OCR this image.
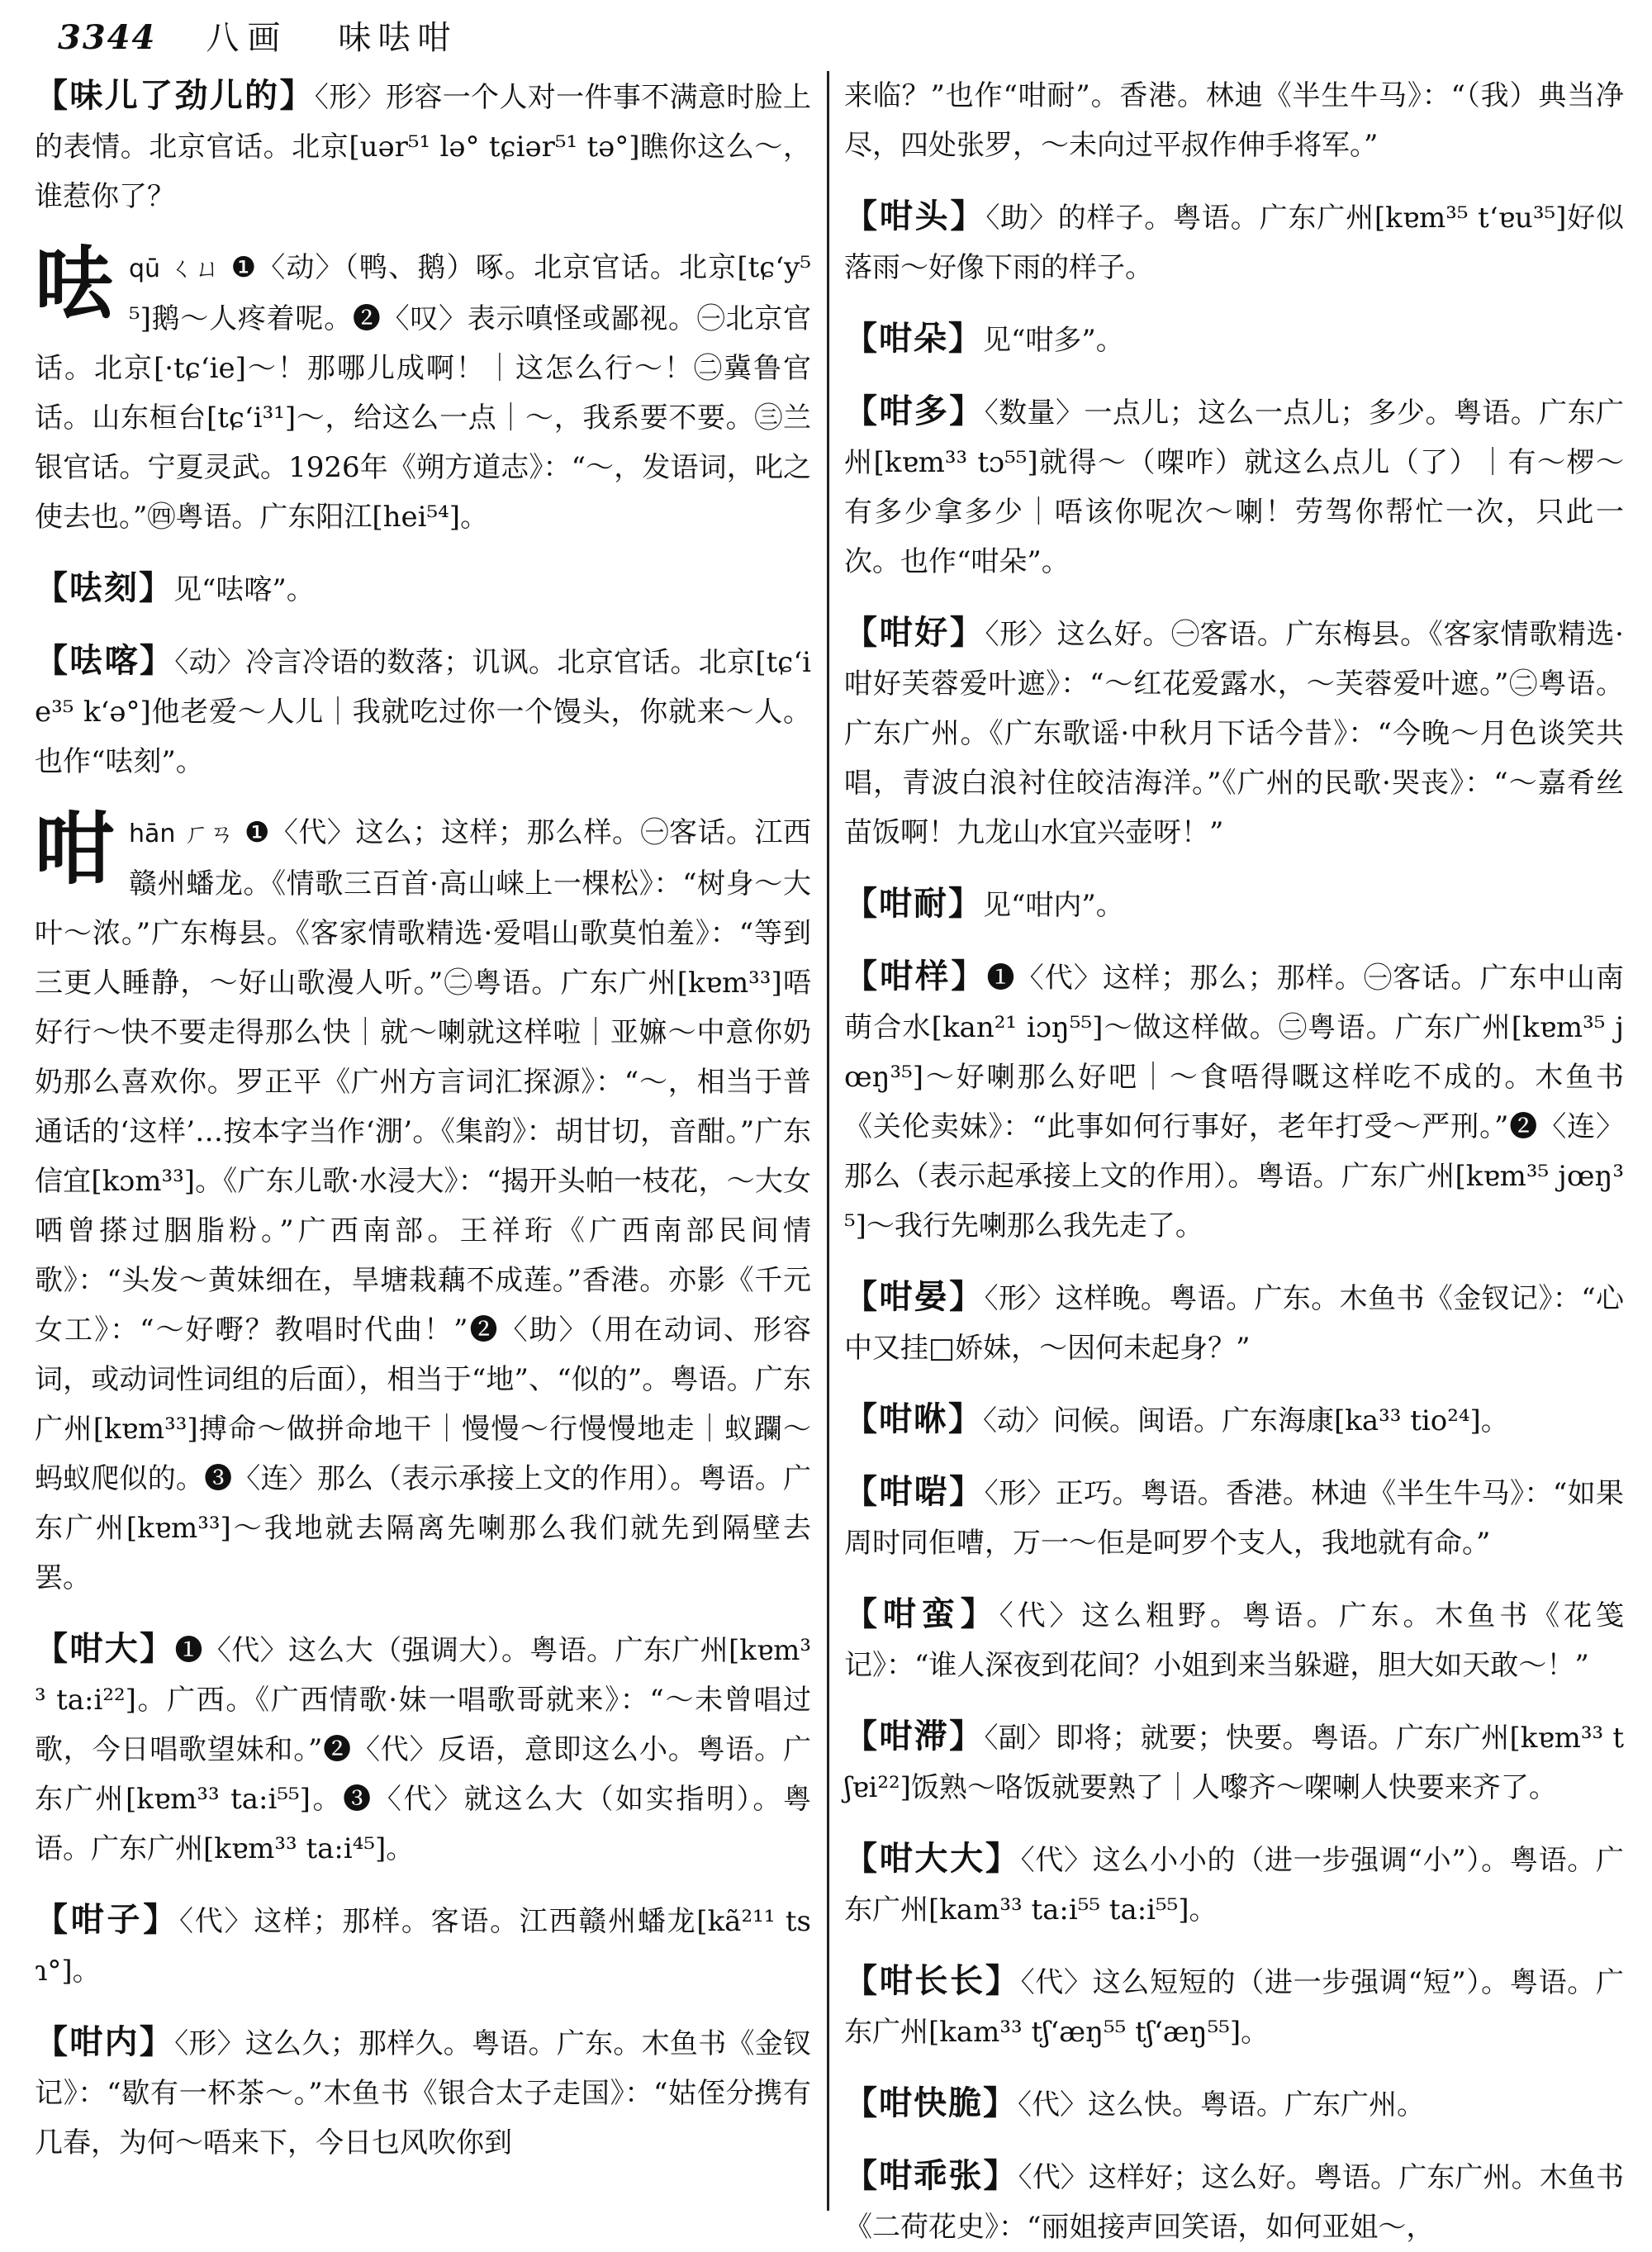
3344 八画 味呿咁
【味儿了劲儿的】〈形〉形容一个人对一件事不满意时脸上的表情。北京官话。北京[uər⁵¹ lə° tɕiər⁵¹ tə°]瞧你这么～，谁惹你了？
呿qū ㄑㄩ ❶〈动〉（鸭、鹅）啄。北京官话。北京[tɕ‘y⁵⁵]鹅～人疼着呢。❷〈叹〉表示嗔怪或鄙视。㊀北京官话。北京[·tɕ‘ie]～！那哪儿成啊！｜这怎么行～！㊁冀鲁官话。山东桓台[tɕ‘i³¹]～，给这么一点｜～，我系要不要。㊂兰银官话。宁夏灵武。1926年《朔方道志》：“～，发语词，叱之使去也。”㊃粤语。广东阳江[hei⁵⁴]。
【呿刻】见“呿喀”。
【呿喀】〈动〉冷言冷语的数落；讥讽。北京官话。北京[tɕ‘ie³⁵ k‘ə°]他老爱～人儿｜我就吃过你一个馒头，你就来～人。也作“呿刻”。
咁hān ㄏㄢ ❶〈代〉这么；这样；那么样。㊀客话。江西赣州蟠龙。《情歌三百首·高山崃上一棵松》：“树身～大叶～浓。”广东梅县。《客家情歌精选·爱唱山歌莫怕羞》：“等到三更人睡静，～好山歌漫人听。”㊁粤语。广东广州[kɐm³³]唔好行～快不要走得那么快｜就～喇就这样啦｜亚嫲～中意你奶奶那么喜欢你。罗正平《广州方言词汇探源》：“～，相当于普通话的‘这样’…按本字当作‘淜’。《集韵》：胡甘切，音酣。”广东信宜[kɔm³³]。《广东儿歌·水浸大》：“揭开头帕一枝花，～大女哂曾搽过胭脂粉。”广西南部。王祥珩《广西南部民间情歌》：“头发～黄妹细在，旱塘栽藕不成莲。”香港。亦影《千元女工》：“～好嘢？教唱时代曲！”❷〈助〉（用在动词、形容词，或动词性词组的后面），相当于“地”、“似的”。粤语。广东广州[kɐm³³]搏命～做拼命地干｜慢慢～行慢慢地走｜蚁躝～蚂蚁爬似的。❸〈连〉那么（表示承接上文的作用）。粤语。广东广州[kɐm³³]～我地就去隔离先喇那么我们就先到隔壁去罢。
【咁大】❶〈代〉这么大（强调大）。粤语。广东广州[kɐm³³ ta:i²²]。广西。《广西情歌·妹一唱歌哥就来》：“～未曾唱过歌，今日唱歌望妹和。”❷〈代〉反语，意即这么小。粤语。广东广州[kɐm³³ ta:i⁵⁵]。❸〈代〉就这么大（如实指明）。粤语。广东广州[kɐm³³ ta:i⁴⁵]。
【咁子】〈代〉这样；那样。客语。江西赣州蟠龙[kã²¹¹ tsɿ°]。
【咁内】〈形〉这么久；那样久。粤语。广东。木鱼书《金钗记》：“歇有一杯茶～。”木鱼书《银合太子走国》：“姑侄分携有几春，为何～唔来下，今日乜风吹你到
来临？”也作“咁耐”。香港。林迪《半生牛马》：“（我）典当净尽，四处张罗，～未向过平叔作伸手将军。”
【咁头】〈助〉的样子。粤语。广东广州[kɐm³⁵ t‘ɐu³⁵]好似落雨～好像下雨的样子。
【咁朵】见“咁多”。
【咁多】〈数量〉一点儿；这么一点儿；多少。粤语。广东广州[kɐm³³ tɔ⁵⁵]就得～（㗎咋）就这么点儿（了）｜有～椤～有多少拿多少｜唔该你呢次～喇！劳驾你帮忙一次，只此一次。也作“咁朵”。
【咁好】〈形〉这么好。㊀客语。广东梅县。《客家情歌精选·咁好芙蓉爱叶遮》：“～红花爱露水，～芙蓉爱叶遮。”㊁粤语。广东广州。《广东歌谣·中秋月下话今昔》：“今晚～月色谈笑共唱，青波白浪衬住皎洁海洋。”《广州的民歌·哭丧》：“～嘉肴丝苗饭啊！九龙山水宜兴壶呀！”
【咁耐】见“咁内”。
【咁样】❶〈代〉这样；那么；那样。㊀客话。广东中山南萌合水[kan²¹ iɔŋ⁵⁵]～做这样做。㊁粤语。广东广州[kɐm³⁵ jœŋ³⁵]～好喇那么好吧｜～食唔得嘅这样吃不成的。木鱼书《关伦卖妹》：“此事如何行事好，老年打受～严刑。”❷〈连〉那么（表示起承接上文的作用）。粤语。广东广州[kɐm³⁵ jœŋ³⁵]～我行先喇那么我先走了。
【咁晏】〈形〉这样晚。粤语。广东。木鱼书《金钗记》：“心中又挂□娇妹，～因何未起身？”
【咁咻】〈动〉问候。闽语。广东海康[ka³³ tio²⁴]。
【咁啱】〈形〉正巧。粤语。香港。林迪《半生牛马》：“如果周时同佢嘈，万一～佢是呵罗个支人，我地就有命。”
【咁蛮】〈代〉这么粗野。粤语。广东。木鱼书《花笺记》：“谁人深夜到花间？小姐到来当躲避，胆大如天敢～！”
【咁滞】〈副〉即将；就要；快要。粤语。广东广州[kɐm³³ tʃɐi²²]饭熟～咯饭就要熟了｜人嚟齐～㗎喇人快要来齐了。
【咁大大】〈代〉这么小小的（进一步强调“小”）。粤语。广东广州[kam³³ ta:i⁵⁵ ta:i⁵⁵]。
【咁长长】〈代〉这么短短的（进一步强调“短”）。粤语。广东广州[kam³³ tʃ‘æŋ⁵⁵ tʃ‘æŋ⁵⁵]。
【咁快脆】〈代〉这么快。粤语。广东广州。
【咁乖张】〈代〉这样好；这么好。粤语。广东广州。木鱼书《二荷花史》：“丽姐接声回笑语，如何亚姐～，
